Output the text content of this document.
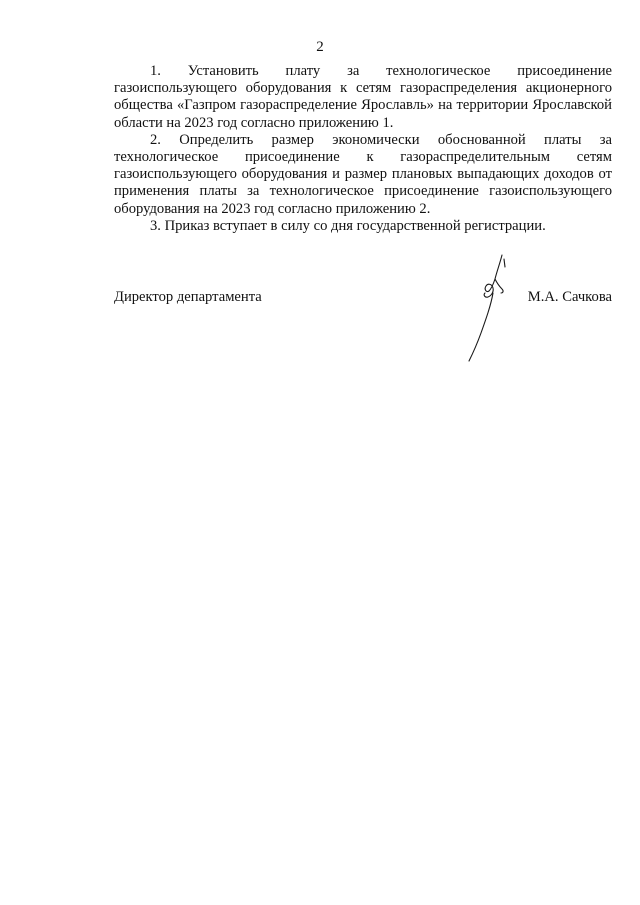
2

1. Установить плату за технологическое присоединение газоиспользующего оборудования к сетям газораспределения акционерного общества «Газпром газораспределение Ярославль» на территории Ярославской области на 2023 год согласно приложению 1.

2. Определить размер экономически обоснованной платы за технологическое присоединение к газораспределительным сетям газоиспользующего оборудования и размер плановых выпадающих доходов от применения платы за технологическое присоединение газоиспользующего оборудования на 2023 год согласно приложению 2.

3. Приказ вступает в силу со дня государственной регистрации.

Директор департамента	М.А. Сачкова
